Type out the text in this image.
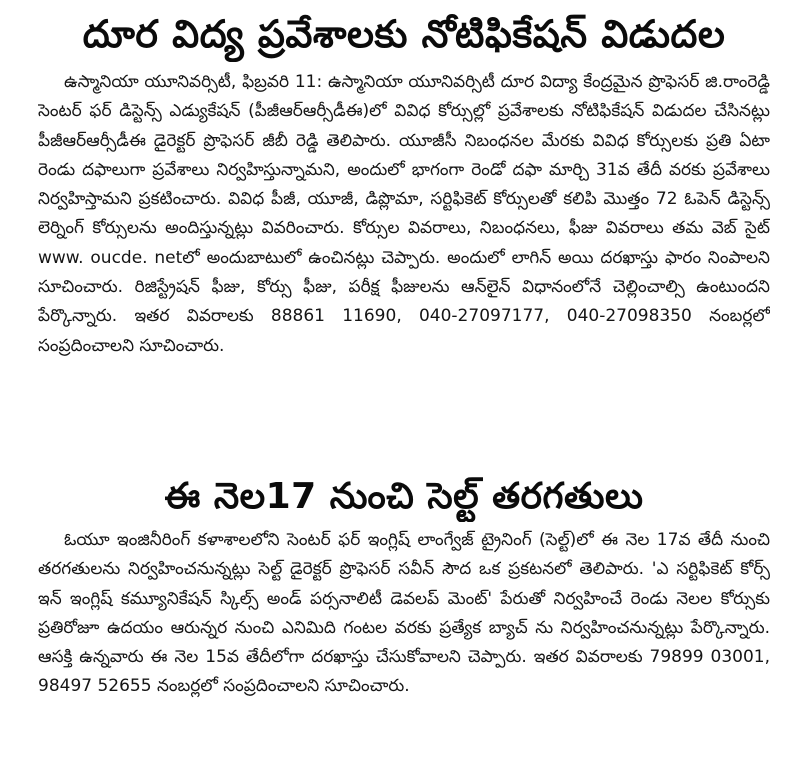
దూర విద్య ప్రవేశాలకు నోటిఫికేషన్ విడుదల

ఉస్మానియా యూనివర్సిటీ, ఫిబ్రవరి 11: ఉస్మానియా యూనివర్సిటీ దూర విద్యా కేంద్రమైన ప్రొఫెసర్ జి.రాంరెడ్డి సెంటర్ ఫర్ డిస్టెన్స్ ఎడ్యుకేషన్ (పీజీఆర్ఆర్సీడీఈ)లో వివిధ కోర్సుల్లో ప్రవేశాలకు నోటిఫికేషన్ విడుదల చేసినట్లు పీజీఆర్ఆర్సీడీఈ డైరెక్టర్ ప్రొఫెసర్ జీబీ రెడ్డి తెలిపారు. యూజీసీ నిబంధనల మేరకు వివిధ కోర్సులకు ప్రతి ఏటా రెండు దఫాలుగా ప్రవేశాలు నిర్వహిస్తున్నామని, అందులో భాగంగా రెండో దఫా మార్చి 31వ తేదీ వరకు ప్రవేశాలు నిర్వహిస్తామని ప్రకటించారు. వివిధ పీజీ, యూజీ, డిప్లొమా, సర్టిఫికెట్ కోర్సులతో కలిపి మొత్తం 72 ఓపెన్ డిస్టెన్స్ లెర్నింగ్ కోర్సులను అందిస్తున్నట్లు వివరించారు. కోర్సుల వివరాలు, నిబంధనలు, ఫీజు వివరాలు తమ వెబ్ సైట్ www. oucde. netలో అందుబాటులో ఉంచినట్లు చెప్పారు. అందులో లాగిన్ అయి దరఖాస్తు ఫారం నింపాలని సూచించారు. రిజిస్ట్రేషన్ ఫీజు, కోర్సు ఫీజు, పరీక్ష ఫీజులను ఆన్‌లైన్ విధానంలోనే చెల్లించాల్సి ఉంటుందని పేర్కొన్నారు. ఇతర వివరాలకు 88861 11690, 040-27097177, 040-27098350 నంబర్లలో సంప్రదించాలని సూచించారు.

ఈ నెల17 నుంచి సెల్ట్ తరగతులు

ఓయూ ఇంజినీరింగ్ కళాశాలలోని సెంటర్ ఫర్ ఇంగ్లిష్ లాంగ్వేజ్ ట్రైనింగ్ (సెల్ట్)లో ఈ నెల 17వ తేదీ నుంచి తరగతులను నిర్వహించనున్నట్లు సెల్ట్ డైరెక్టర్ ప్రొఫెసర్ సవీన్ సౌద ఒక ప్రకటనలో తెలిపారు. 'ఎ సర్టిఫికెట్ కోర్స్ ఇన్ ఇంగ్లిష్ కమ్యూనికేషన్ స్కిల్స్ అండ్ పర్సనాలిటీ డెవలప్ మెంట్' పేరుతో నిర్వహించే రెండు నెలల కోర్సుకు ప్రతిరోజూ ఉదయం ఆరున్నర నుంచి ఎనిమిది గంటల వరకు ప్రత్యేక బ్యాచ్ ను నిర్వహించనున్నట్లు పేర్కొన్నారు. ఆసక్తి ఉన్నవారు ఈ నెల 15వ తేదీలోగా దరఖాస్తు చేసుకోవాలని చెప్పారు. ఇతర వివరాలకు 79899 03001, 98497 52655 నంబర్లలో సంప్రదించాలని సూచించారు.
